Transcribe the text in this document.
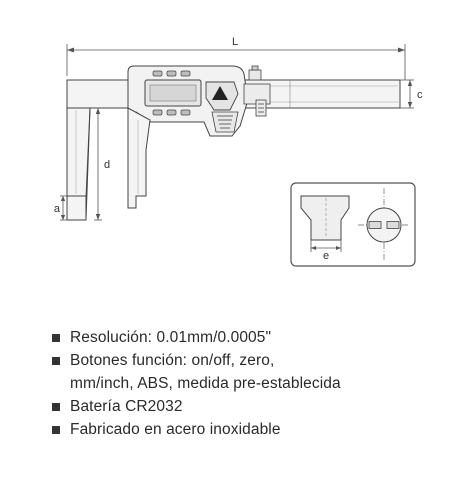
L
c
a
d
e
Resolución: 0.01mm/0.0005"
Botones función: on/off, zero,
mm/inch, ABS, medida pre-establecida
Batería CR2032
Fabricado en acero inoxidable
